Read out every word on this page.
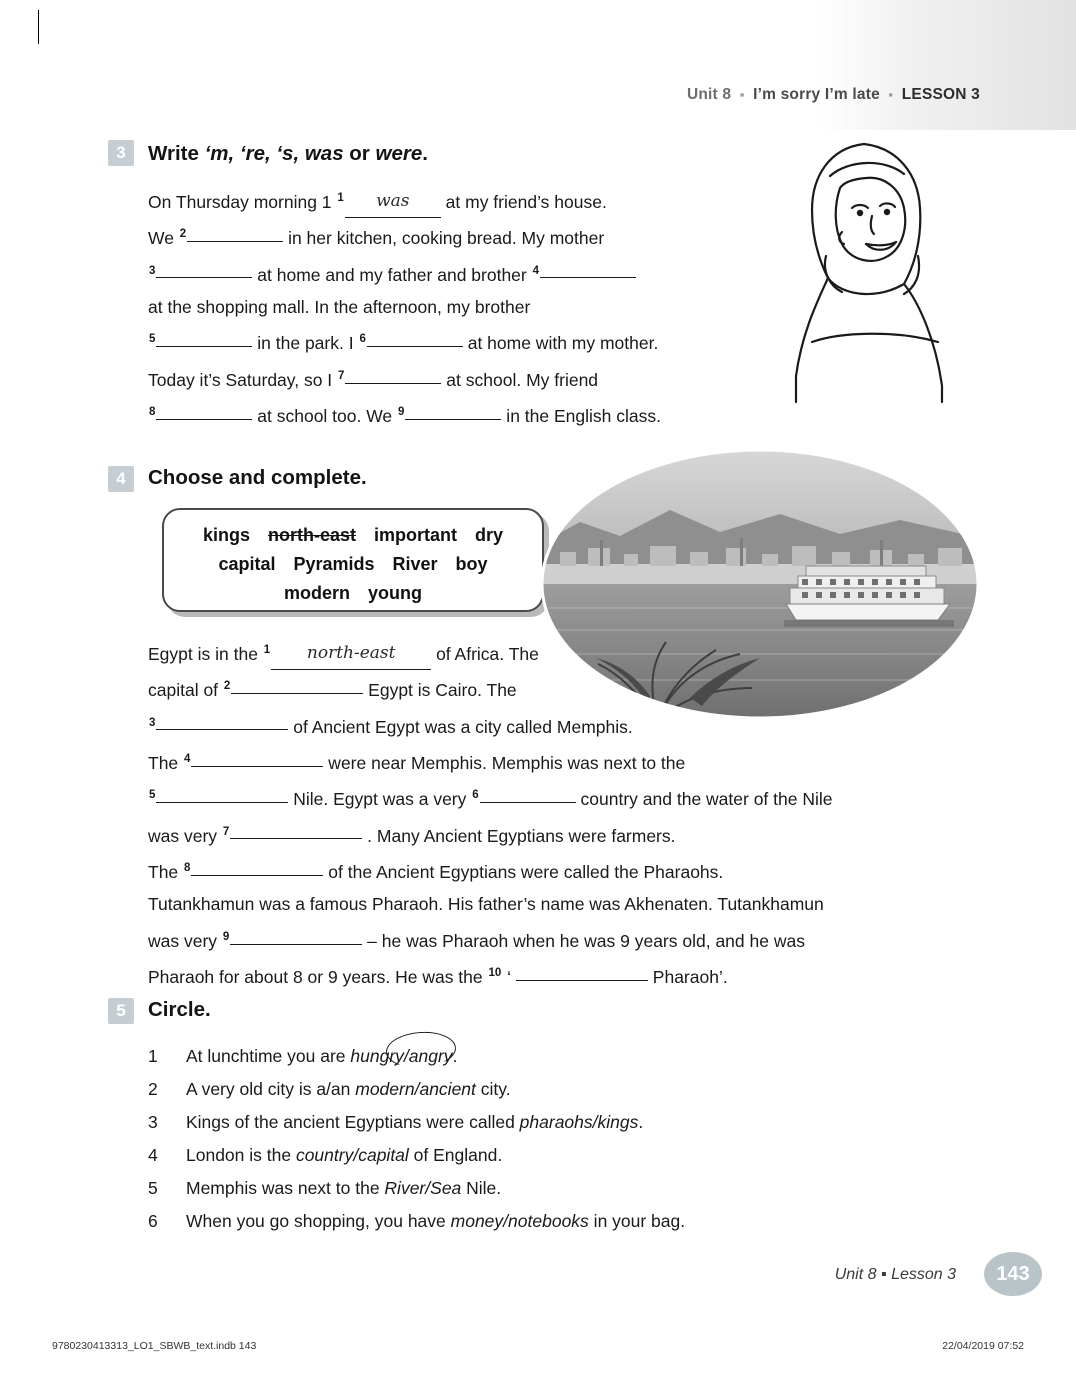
Unit 8 ▪ I’m sorry I’m late ▪ LESSON 3
3	Write ‘m, ‘re, ‘s, was or were.
On Thursday morning 1 $^1$ was at my friend’s house.
We $^2$	in her kitchen, cooking bread. My mother
$^3$	at home and my father and brother $^4$
at the shopping mall. In the afternoon, my brother
$^5$	in the park. I $^6$	at home with my mother.
Today it’s Saturday, so I $^7$	at school. My friend
$^8$	at school too. We $^9$	in the English class.
4	Choose and complete.
kings north-east important drycapital Pyramids River boymodern young
Egypt is in the $^1$ north-east of Africa. The
capital of $^2$	Egypt is Cairo. The
$^3$	of Ancient Egypt was a city called Memphis.
The $^4$	were near Memphis. Memphis was next to the
$^5$	Nile. Egypt was a very $^6$	country and the water of the Nile
was very $^7$	. Many Ancient Egyptians were farmers.
The $^8$	of the Ancient Egyptians were called the Pharaohs.
Tutankhamun was a famous Pharaoh. His father’s name was Akhenaten. Tutankhamun
was very $^9$	– he was Pharaoh when he was 9 years old, and he was
Pharaoh for about 8 or 9 years. He was the $^{10}$ ‘	Pharaoh’.
5	Circle.
1	At lunchtime you are hungry/angry.
2	A very old city is a/an modern/ancient city.
3	Kings of the ancient Egyptians were called pharaohs/kings.
4	London is the country/capital of England.
5	Memphis was next to the River/Sea Nile.
6	When you go shopping, you have money/notebooks in your bag.
Unit 8 ▪ Lesson 3	143
9780230413313_LO1_SBWB_text.indb 143	22/04/2019 07:52
